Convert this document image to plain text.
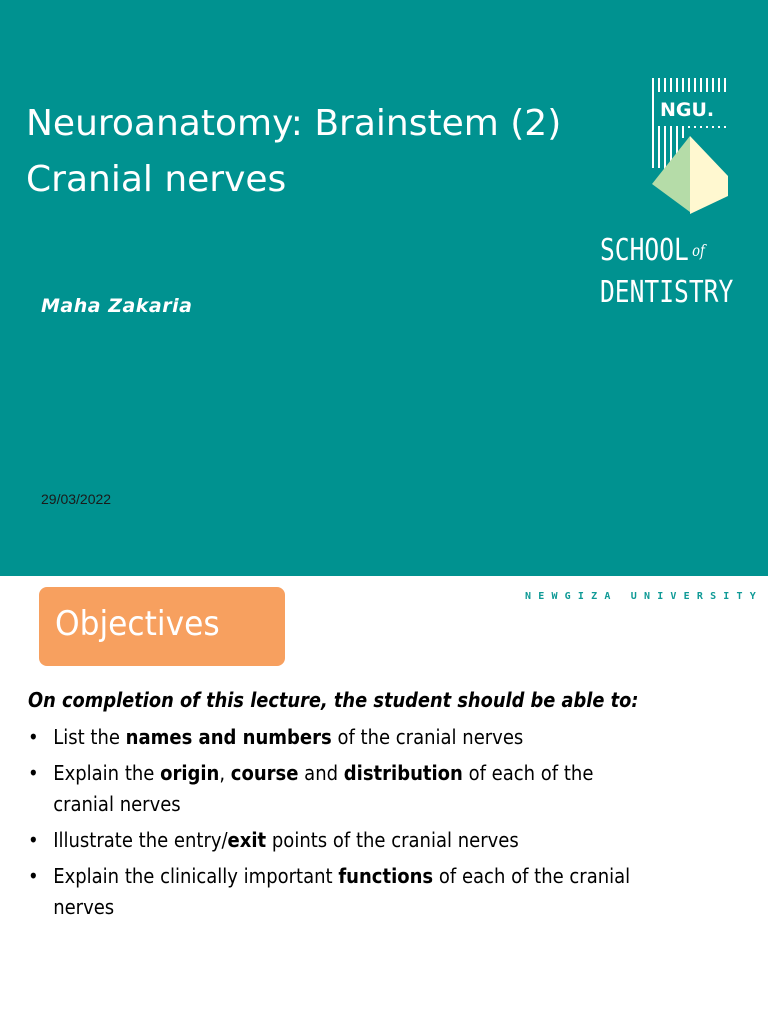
Neuroanatomy: Brainstem (2)
Cranial nerves
Maha Zakaria
29/03/2022
NGU.
SCHOOL $^{of}$
DENTISTRY
Objectives
NEWGIZA UNIVERSITY
On completion of this lecture, the student should be able to:
• List the names and numbers of the cranial nerves
• Explain the origin, course and distribution of each of the cranial nerves
• Illustrate the entry/exit points of the cranial nerves
• Explain the clinically important functions of each of the cranial nerves
